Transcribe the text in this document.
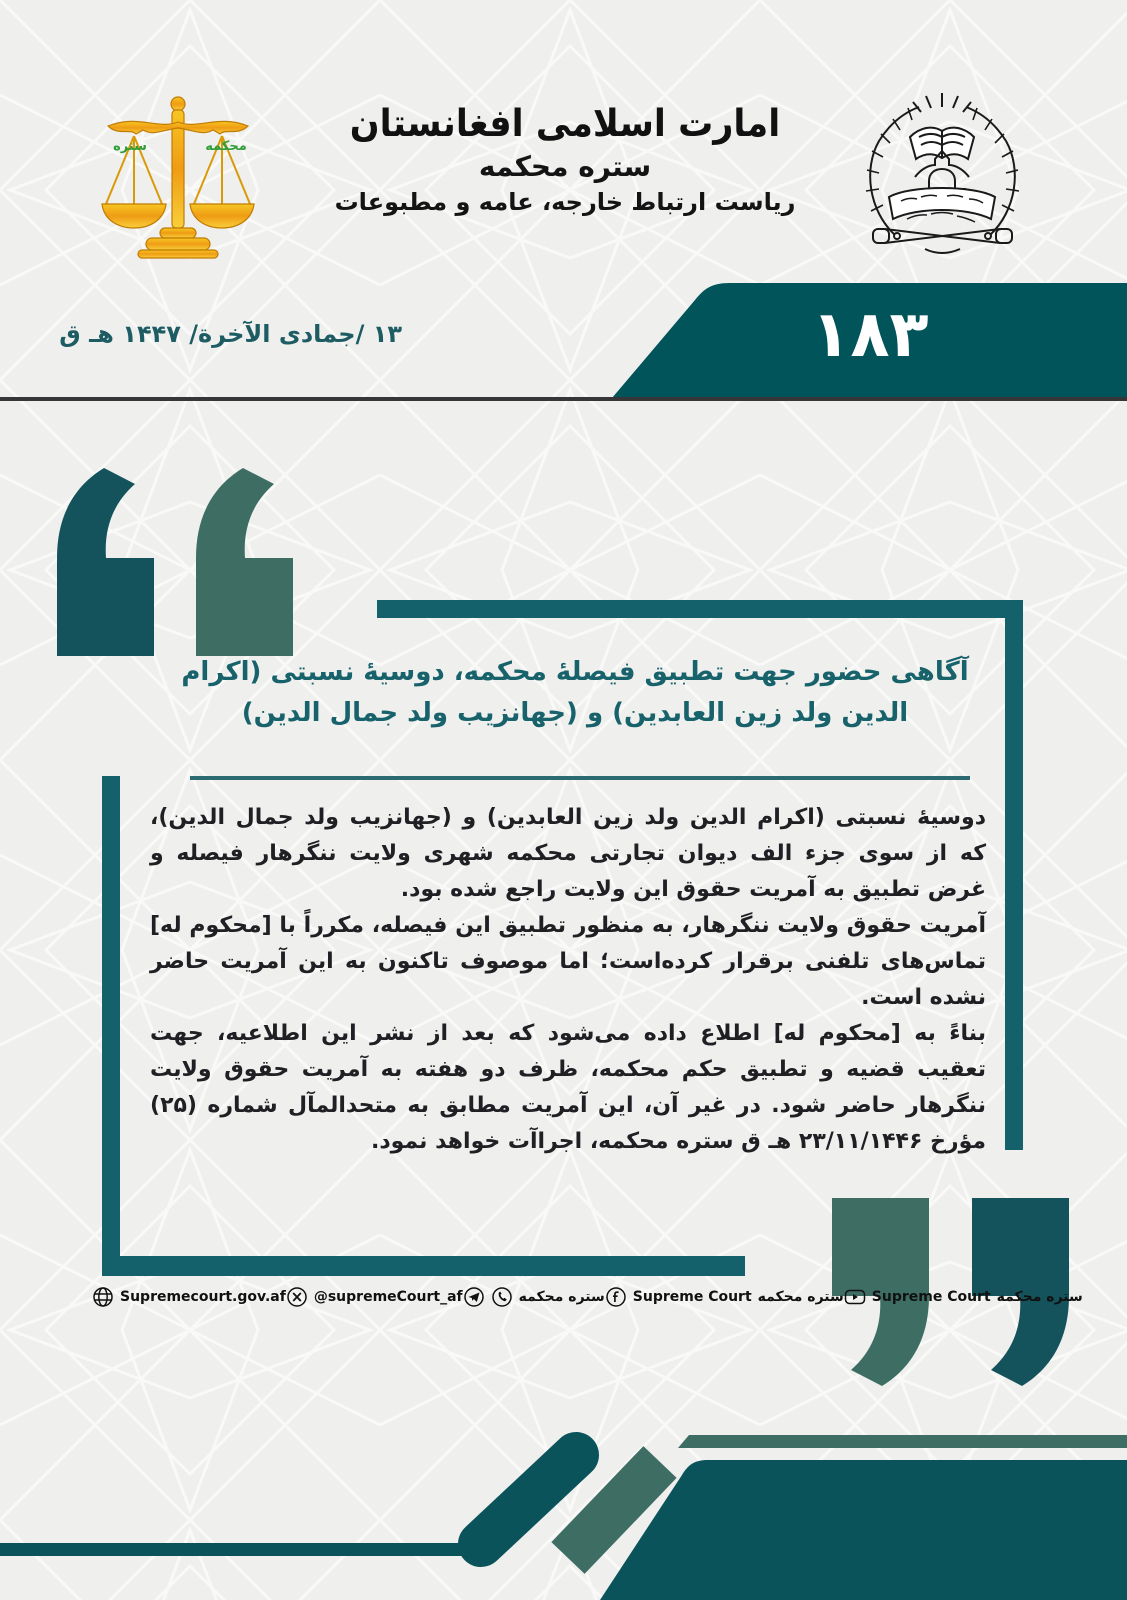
ستره	محکمه
امارت اسلامی افغانستان
ستره محکمه
ریاست ارتباط خارجه، عامه و مطبوعات
۱۸۳
۱۳ /جمادی الآخرة/ ۱۴۴۷ هـ ق
آگاهی حضور جهت تطبیق فیصلۀ محکمه، دوسیۀ نسبتی (اکرام الدین ولد زین العابدین) و (جهانزیب ولد جمال الدین)

دوسیۀ نسبتی (اکرام الدین ولد زین العابدین) و (جهانزیب ولد جمال الدین)، که از سوی جزء الف دیوان تجارتی محکمه شهری ولایت ننگرهار فیصله و غرض تطبیق به آمریت حقوق این ولایت راجع شده بود.

آمریت حقوق ولایت ننگرهار، به منظور تطبیق این فیصله، مکرراً با [محکوم له] تماس‌های تلفنی برقرار کرده‌است؛ اما موصوف تاکنون به این آمریت حاضر نشده است.

بناءً به [محکوم له] اطلاع داده می‌شود که بعد از نشر این اطلاعیه، جهت تعقیب قضیه و تطبیق حکم محکمه، ظرف دو هفته به آمریت حقوق ولایت ننگرهار حاضر شود. در غیر آن، این آمریت مطابق به متحدالمآل شماره (۲۵) مؤرخ ۲۳/۱۱/۱۴۴۶ هـ ق ستره محکمه، اجراآت خواهد نمود.

Supremecourt.gov.af @supremeCourt_af	ستره محکمه Supreme Court ستره محکمه Supreme Court ستره محکمه
